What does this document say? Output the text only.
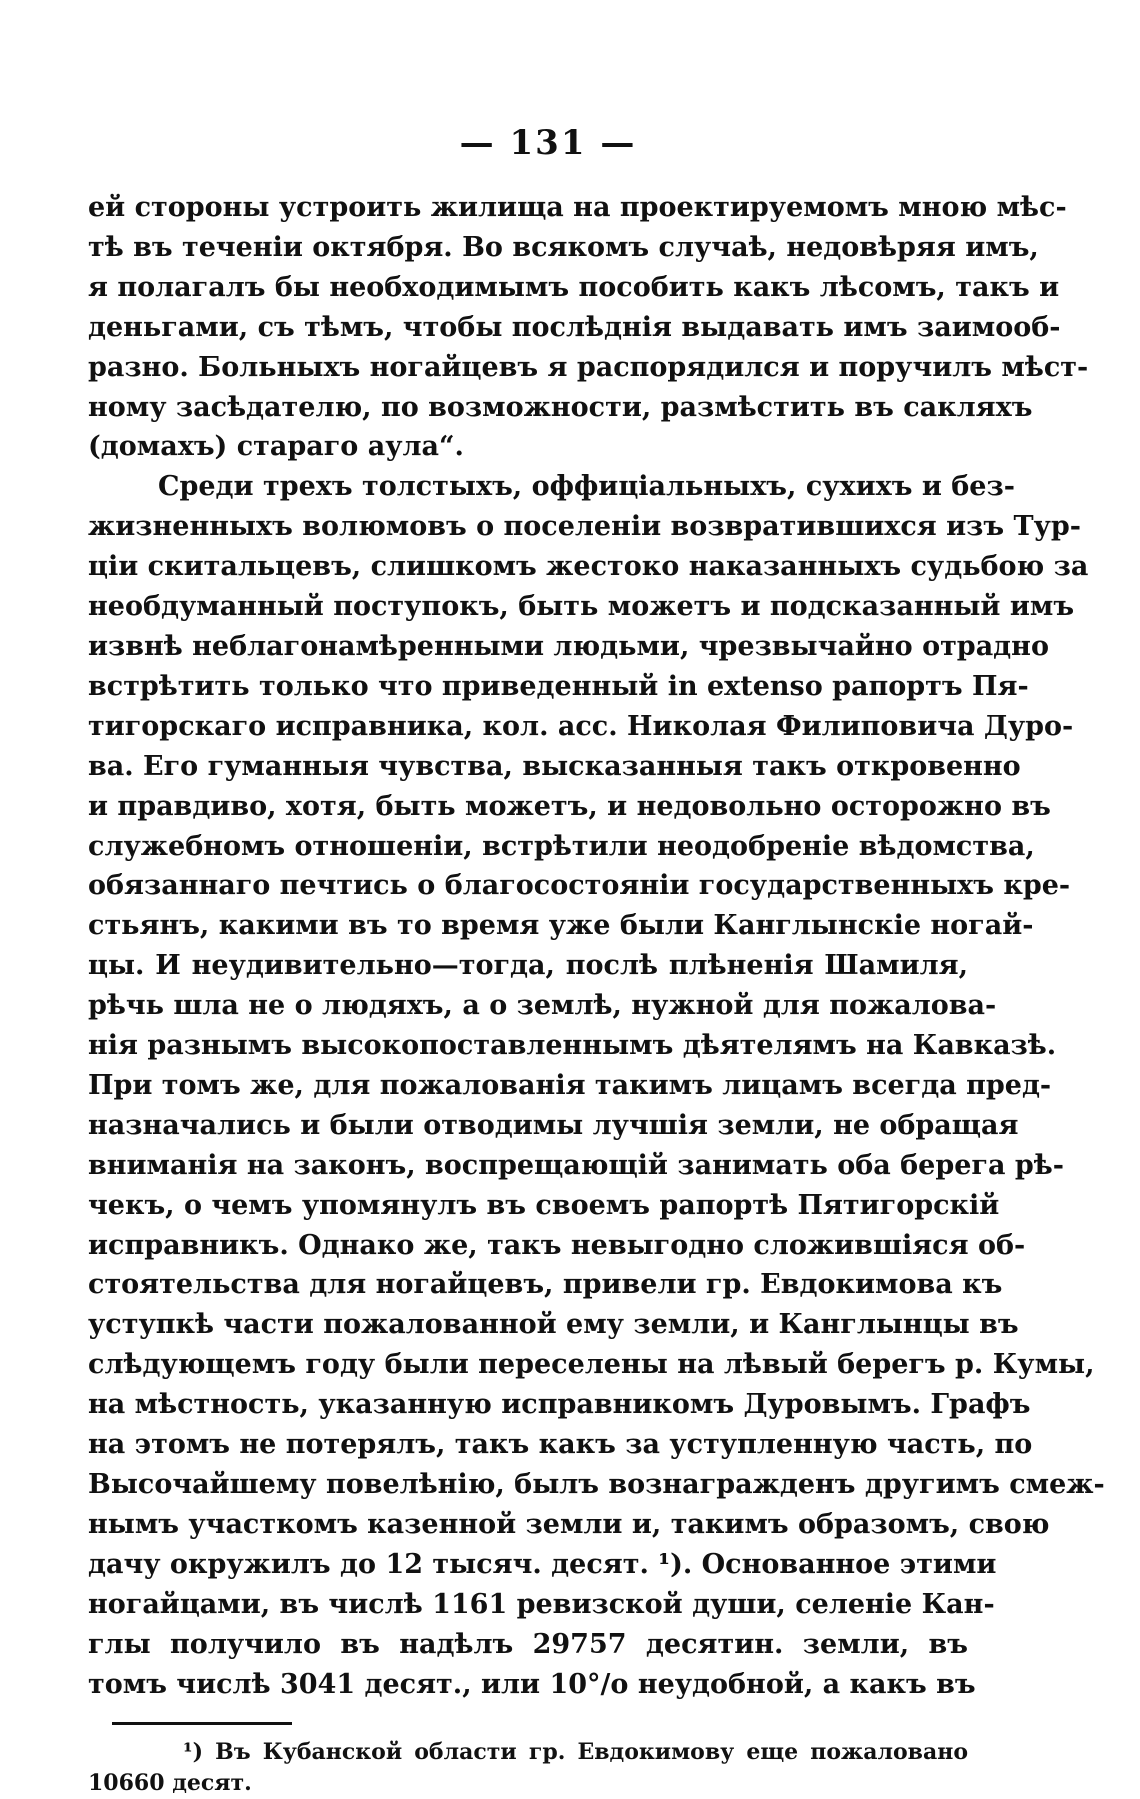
— 131 —
ей стороны устроить жилища на проектируемомъ мною мѣс-
тѣ въ теченіи октября. Во всякомъ случаѣ, недовѣряя имъ,
я полагалъ бы необходимымъ пособить какъ лѣсомъ, такъ и
деньгами, съ тѣмъ, чтобы послѣднія выдавать имъ заимооб-
разно. Больныхъ ногайцевъ я распорядился и поручилъ мѣст-
ному засѣдателю, по возможности, размѣстить въ сакляхъ
(домахъ) стараго аула“.
Среди трехъ толстыхъ, оффиціальныхъ, сухихъ и без-
жизненныхъ волюмовъ о поселеніи возвратившихся изъ Тур-
ціи скитальцевъ, слишкомъ жестоко наказанныхъ судьбою за
необдуманный поступокъ, быть можетъ и подсказанный имъ
извнѣ неблагонамѣренными людьми, чрезвычайно отрадно
встрѣтить только что приведенный in extenso рапортъ Пя-
тигорскаго исправника, кол. асс. Николая Филиповича Дуро-
ва. Его гуманныя чувства, высказанныя такъ откровенно
и правдиво, хотя, быть можетъ, и недовольно осторожно въ
служебномъ отношеніи, встрѣтили неодобреніе вѣдомства,
обязаннаго печтись о благосостояніи государственныхъ кре-
стьянъ, какими въ то время уже были Канглынскіе ногай-
цы. И неудивительно—тогда, послѣ плѣненія Шамиля,
рѣчь шла не о людяхъ, а о землѣ, нужной для пожалова-
нія разнымъ высокопоставленнымъ дѣятелямъ на Кавказѣ.
При томъ же, для пожалованія такимъ лицамъ всегда пред-
назначались и были отводимы лучшія земли, не обращая
вниманія на законъ, воспрещающій занимать оба берега рѣ-
чекъ, о чемъ упомянулъ въ своемъ рапортѣ Пятигорскій
исправникъ. Однако же, такъ невыгодно сложившіяся об-
стоятельства для ногайцевъ, привели гр. Евдокимова къ
уступкѣ части пожалованной ему земли, и Канглынцы въ
слѣдующемъ году были переселены на лѣвый берегъ р. Кумы,
на мѣстность, указанную исправникомъ Дуровымъ. Графъ
на этомъ не потерялъ, такъ какъ за уступленную часть, по
Высочайшему повелѣнію, былъ вознагражденъ другимъ смеж-
нымъ участкомъ казенной земли и, такимъ образомъ, свою
дачу окружилъ до 12 тысяч. десят. ¹). Основанное этими
ногайцами, въ числѣ 1161 ревизской души, селеніе Кан-
глы получило въ надѣлъ 29757 десятин. земли, въ
томъ числѣ 3041 десят., или 10°/о неудобной, а какъ въ
¹) Въ Кубанской области гр. Евдокимову еще пожаловано
10660 десят.
